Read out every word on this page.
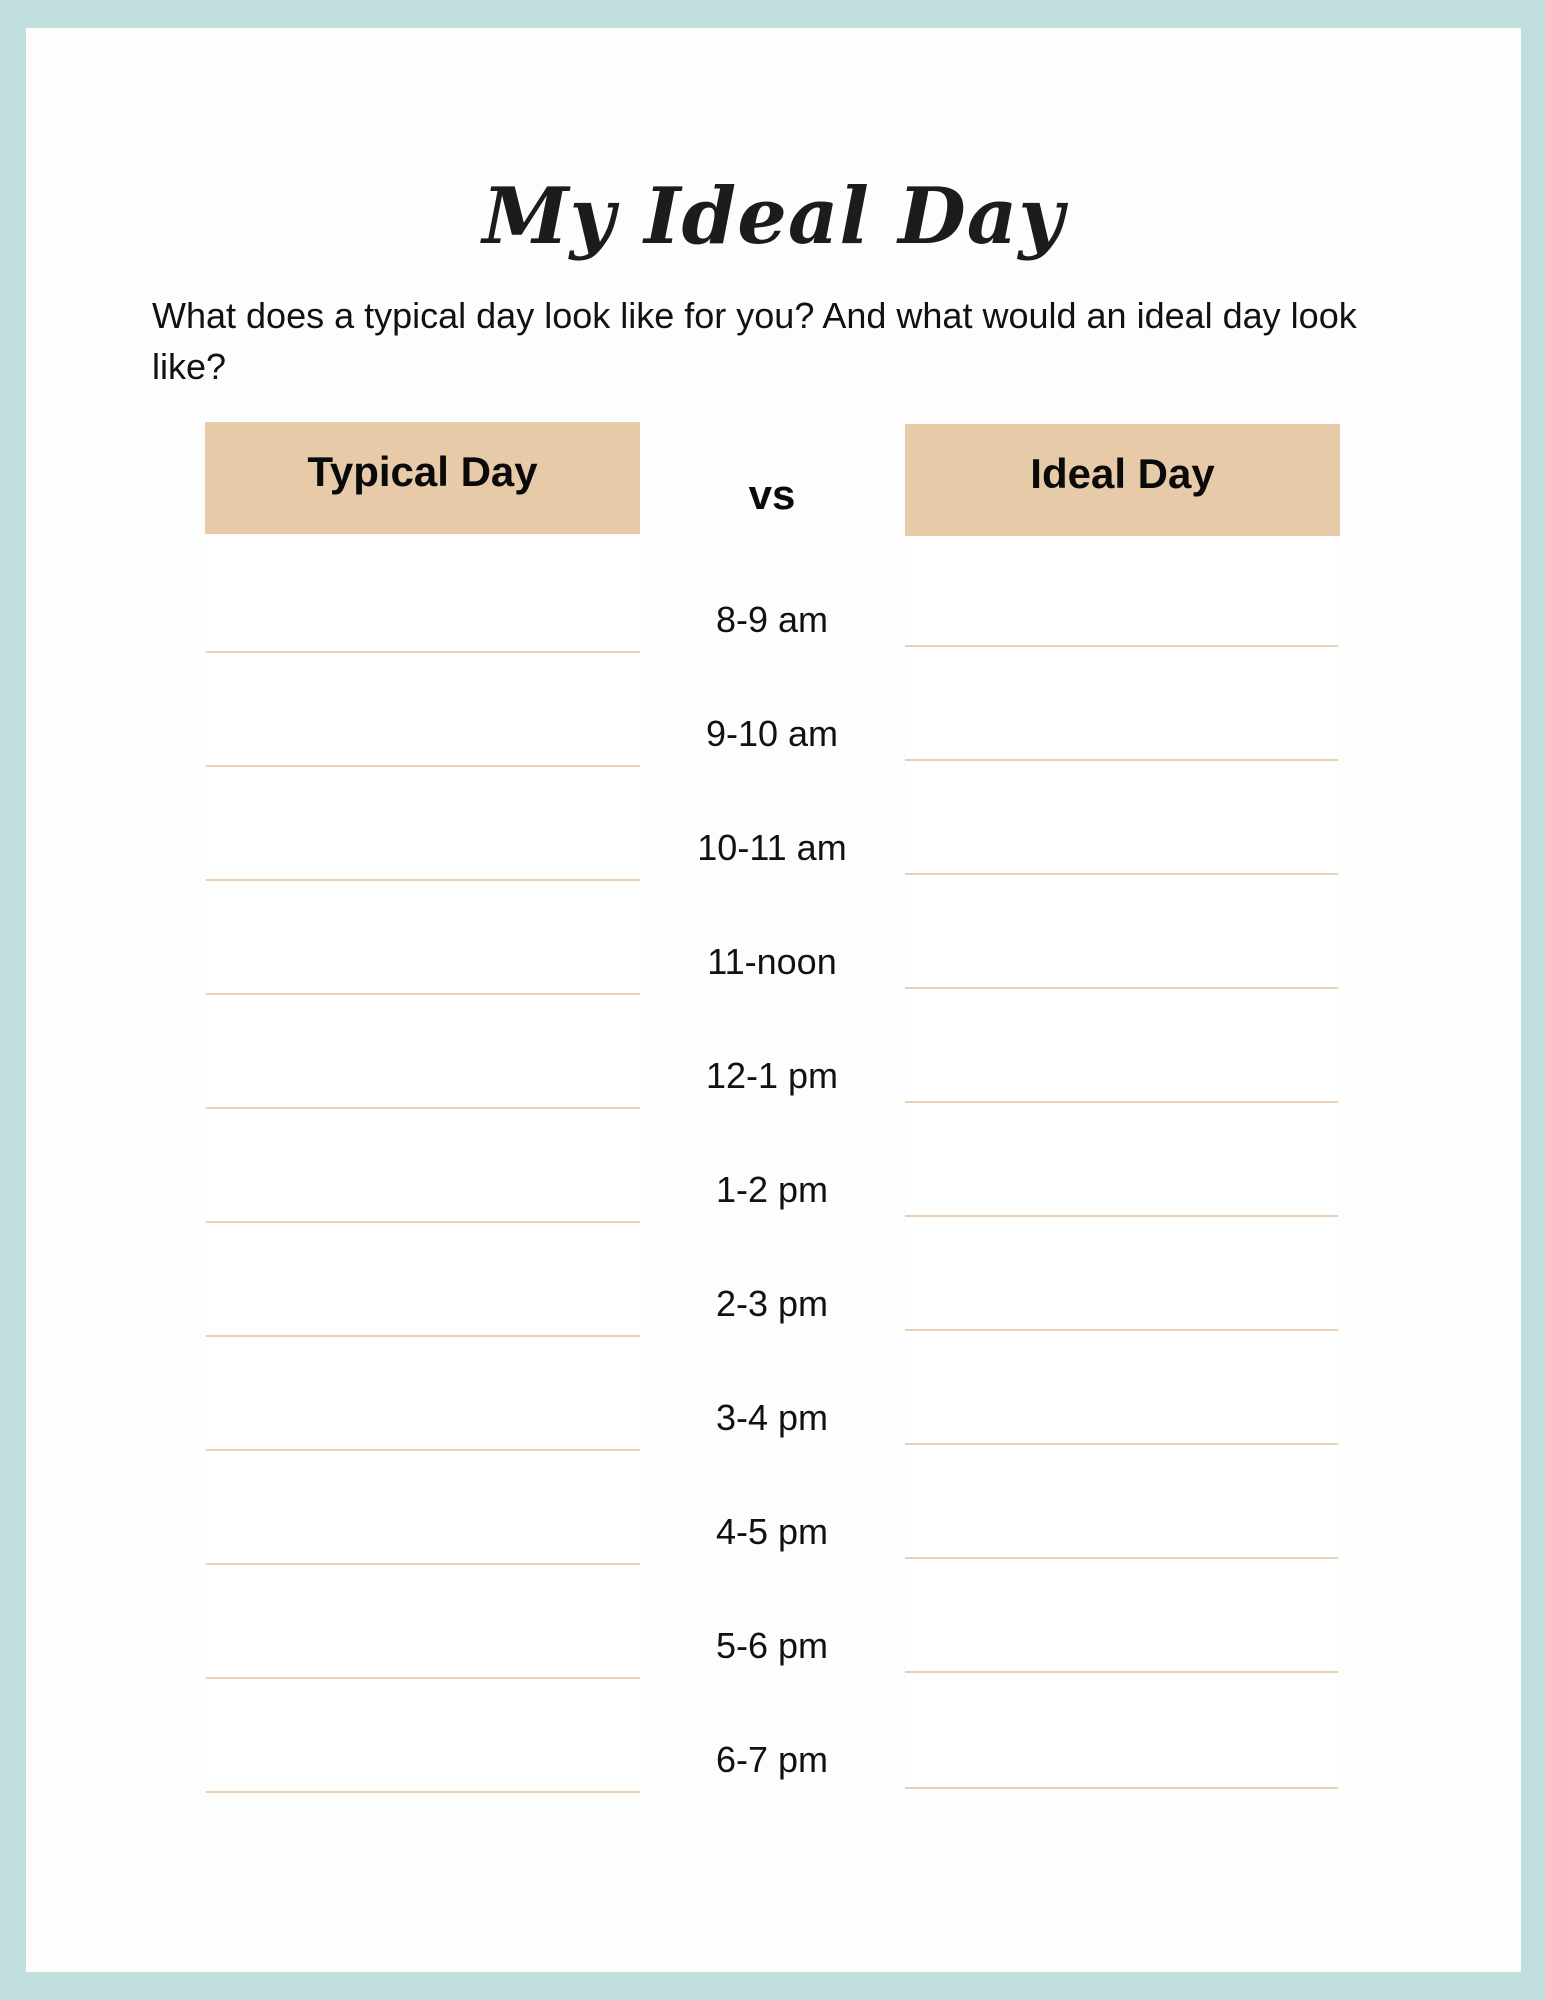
My Ideal Day

What does a typical day look like for you? And what would an ideal day look like?

Typical Day	vs	Ideal Day
8-9 am
9-10 am
10-11 am
11-noon
12-1 pm
1-2 pm
2-3 pm
3-4 pm
4-5 pm
5-6 pm
6-7 pm
